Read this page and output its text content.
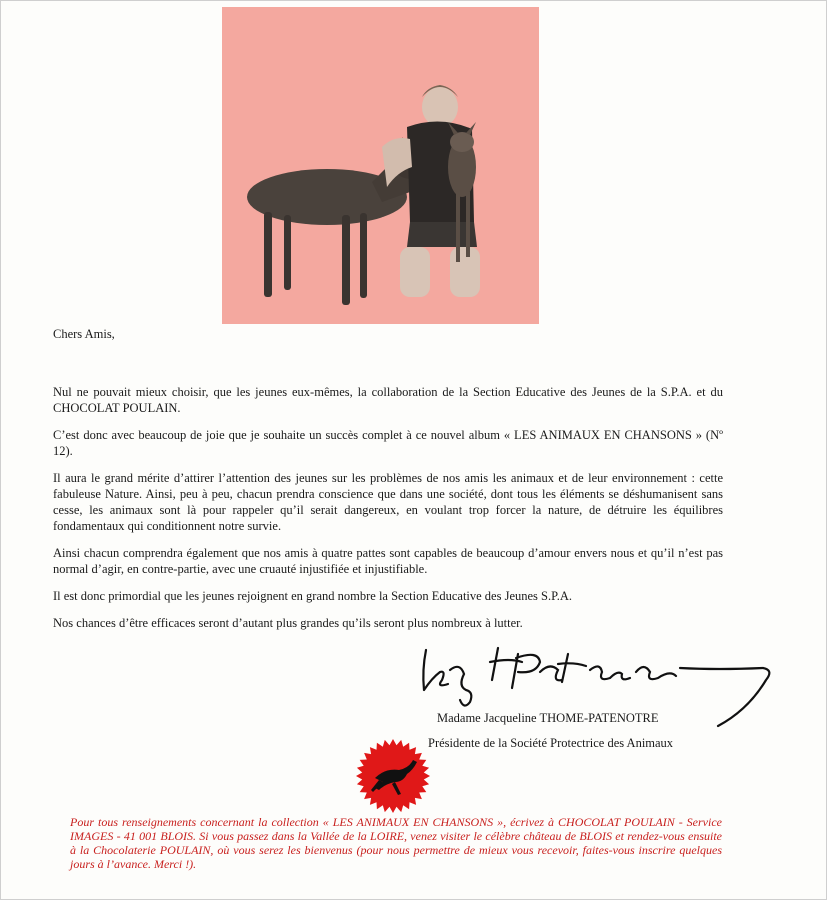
Chers Amis,

Nul ne pouvait mieux choisir, que les jeunes eux-mêmes, la collaboration de la Section Educative des Jeunes de la S.P.A. et du CHOCOLAT POULAIN.

C’est donc avec beaucoup de joie que je souhaite un succès complet à ce nouvel album « LES ANIMAUX EN CHANSONS » (Nº 12).

Il aura le grand mérite d’attirer l’attention des jeunes sur les problèmes de nos amis les animaux et de leur environnement : cette fabuleuse Nature. Ainsi, peu à peu, chacun prendra conscience que dans une société, dont tous les éléments se déshumanisent sans cesse, les animaux sont là pour rappeler qu’il serait dangereux, en voulant trop forcer la nature, de détruire les équilibres fondamentaux qui conditionnent notre survie.

Ainsi chacun comprendra également que nos amis à quatre pattes sont capables de beaucoup d’amour envers nous et qu’il n’est pas normal d’agir, en contre-partie, avec une cruauté injustifiée et injustifiable.

Il est donc primordial que les jeunes rejoignent en grand nombre la Section Educative des Jeunes S.P.A.

Nos chances d’être efficaces seront d’autant plus grandes qu’ils seront plus nombreux à lutter.

Madame Jacqueline THOME-PATENOTRE
Présidente de la Société Protectrice des Animaux
Pour tous renseignements concernant la collection « LES ANIMAUX EN CHANSONS », écrivez à CHOCOLAT POULAIN - Service IMAGES - 41 001 BLOIS. Si vous passez dans la Vallée de la LOIRE, venez visiter le célèbre château de BLOIS et rendez-vous ensuite à la Chocolaterie POULAIN, où vous serez les bienvenus (pour nous permettre de mieux vous recevoir, faites-vous inscrire quelques jours à l’avance. Merci !).
